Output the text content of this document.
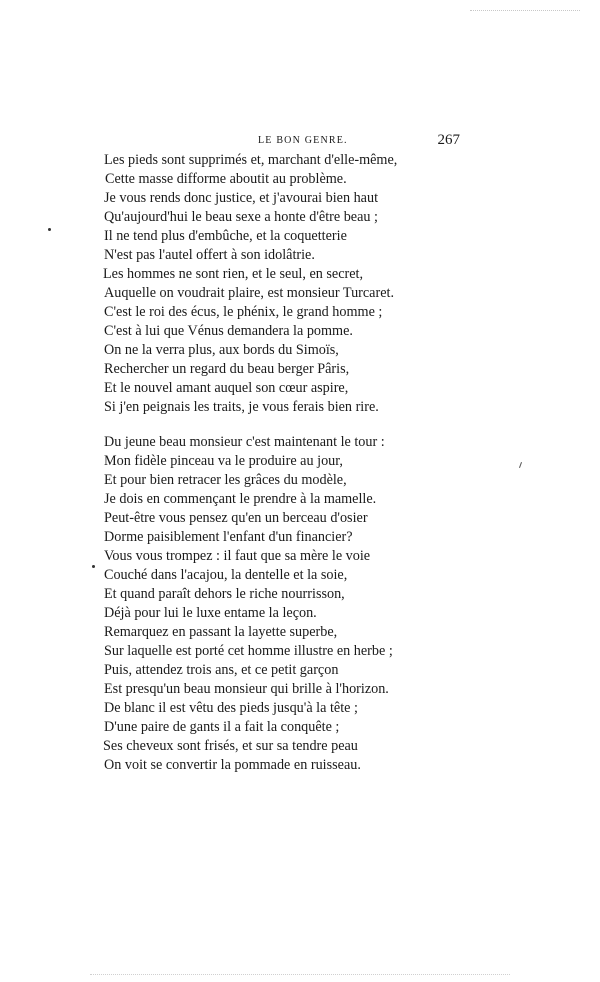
LE BON GENRE.	267
Les pieds sont supprimés et, marchant d'elle-même,
Cette masse difforme aboutit au problème.
Je vous rends donc justice, et j'avourai bien haut
Qu'aujourd'hui le beau sexe a honte d'être beau ;
Il ne tend plus d'embûche, et la coquetterie
N'est pas l'autel offert à son idolâtrie.
Les hommes ne sont rien, et le seul, en secret,
Auquelle on voudrait plaire, est monsieur Turcaret.
C'est le roi des écus, le phénix, le grand homme ;
C'est à lui que Vénus demandera la pomme.
On ne la verra plus, aux bords du Simoïs,
Rechercher un regard du beau berger Pâris,
Et le nouvel amant auquel son cœur aspire,
Si j'en peignais les traits, je vous ferais bien rire.
Du jeune beau monsieur c'est maintenant le tour :
Mon fidèle pinceau va le produire au jour,
Et pour bien retracer les grâces du modèle,
Je dois en commençant le prendre à la mamelle.
Peut-être vous pensez qu'en un berceau d'osier
Dorme paisiblement l'enfant d'un financier?
Vous vous trompez : il faut que sa mère le voie
Couché dans l'acajou, la dentelle et la soie,
Et quand paraît dehors le riche nourrisson,
Déjà pour lui le luxe entame la leçon.
Remarquez en passant la layette superbe,
Sur laquelle est porté cet homme illustre en herbe ;
Puis, attendez trois ans, et ce petit garçon
Est presqu'un beau monsieur qui brille à l'horizon.
De blanc il est vêtu des pieds jusqu'à la tête ;
D'une paire de gants il a fait la conquête ;
Ses cheveux sont frisés, et sur sa tendre peau
On voit se convertir la pommade en ruisseau.
